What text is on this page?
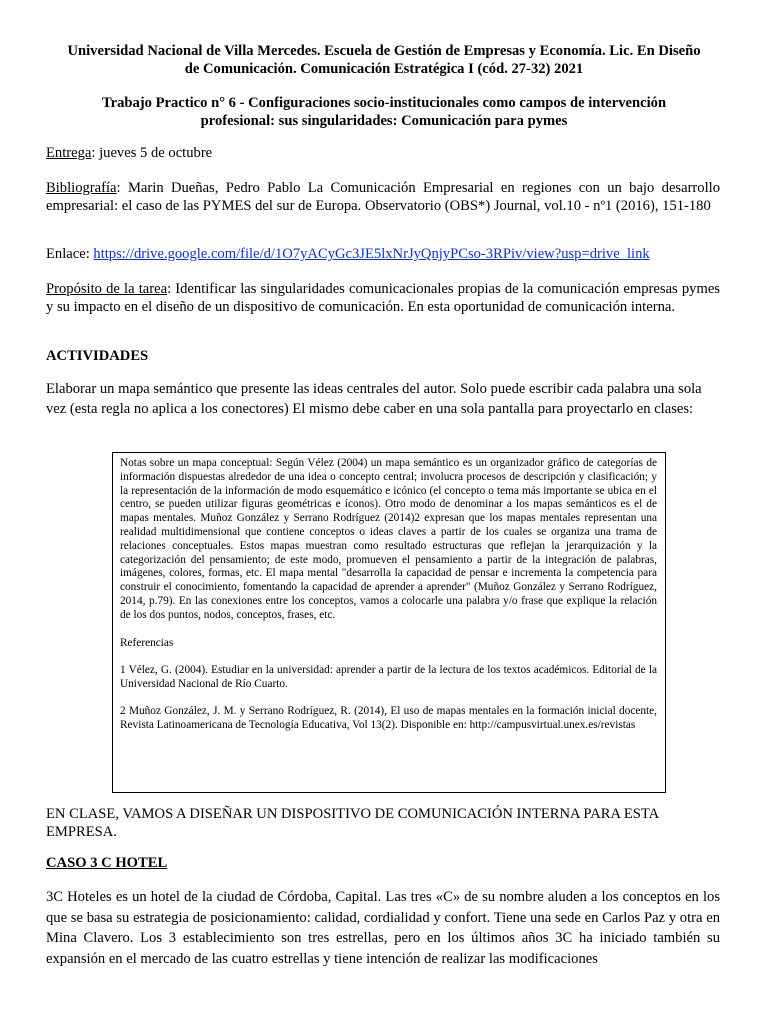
Universidad Nacional de Villa Mercedes. Escuela de Gestión de Empresas y Economía. Lic. En Diseño
de Comunicación. Comunicación Estratégica I (cód. 27-32) 2021

Trabajo Practico n° 6 - Configuraciones socio-institucionales como campos de intervención
profesional: sus singularidades: Comunicación para pymes

Entrega: jueves 5 de octubre

Bibliografía: Marin Dueñas, Pedro Pablo La Comunicación Empresarial en regiones con un bajo desarrollo empresarial: el caso de las PYMES del sur de Europa. Observatorio (OBS*) Journal, vol.10 - nº1 (2016), 151-180

Enlace: https://drive.google.com/file/d/1O7yACyGc3JE5lxNrJyQnjyPCso-3RPiv/view?usp=drive_link

Propósito de la tarea: Identificar las singularidades comunicacionales propias de la comunicación empresas pymes y su impacto en el diseño de un dispositivo de comunicación. En esta oportunidad de comunicación interna.

ACTIVIDADES

Elaborar un mapa semántico que presente las ideas centrales del autor. Solo puede escribir cada palabra una sola vez (esta regla no aplica a los conectores) El mismo debe caber en una sola pantalla para proyectarlo en clases:

Notas sobre un mapa conceptual: Según Vélez (2004) un mapa semántico es un organizador gráfico de categorías de información dispuestas alrededor de una idea o concepto central; involucra procesos de descripción y clasificación; y la representación de la información de modo esquemático e icónico (el concepto o tema más importante se ubica en el centro, se pueden utilizar figuras geométricas e íconos). Otro modo de denominar a los mapas semánticos es el de mapas mentales. Muñoz González y Serrano Rodríguez (2014)2 expresan que los mapas mentales representan una realidad multidimensional que contiene conceptos o ideas claves a partir de los cuales se organiza una trama de relaciones conceptuales. Estos mapas muestran como resultado estructuras que reflejan la jerarquización y la categorización del pensamiento; de este modo, promueven el pensamiento a partir de la integración de palabras, imágenes, colores, formas, etc. El mapa mental "desarrolla la capacidad de pensar e incrementa la competencia para construir el conocimiento, fomentando la capacidad de aprender a aprender" (Muñoz González y Serrano Rodríguez, 2014, p.79). En las conexiones entre los conceptos, vamos a colocarle una palabra y/o frase que explique la relación de los dos puntos, nodos, conceptos, frases, etc.

Referencias

1 Vélez, G. (2004). Estudiar en la universidad: aprender a partir de la lectura de los textos académicos. Editorial de la Universidad Nacional de Río Cuarto.

2 Muñoz González, J. M. y Serrano Rodríguez, R. (2014), El uso de mapas mentales en la formación inicial docente, Revista Latinoamericana de Tecnología Educativa, Vol 13(2). Disponible en: http://campusvirtual.unex.es/revistas

EN CLASE, VAMOS A DISEÑAR UN DISPOSITIVO DE COMUNICACIÓN INTERNA PARA ESTA EMPRESA.

CASO 3 C HOTEL

3C Hoteles es un hotel de la ciudad de Córdoba, Capital. Las tres «C» de su nombre aluden a los conceptos en los que se basa su estrategia de posicionamiento: calidad, cordialidad y confort. Tiene una sede en Carlos Paz y otra en Mina Clavero. Los 3 establecimiento son tres estrellas, pero en los últimos años 3C ha iniciado también su expansión en el mercado de las cuatro estrellas y tiene intención de realizar las modificaciones
